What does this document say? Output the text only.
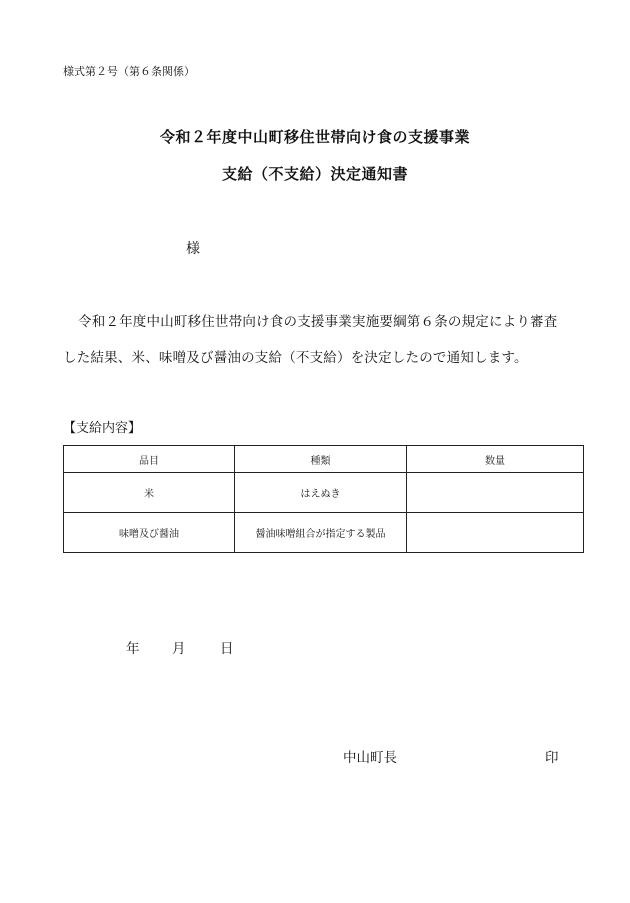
様式第２号（第６条関係）
令和２年度中山町移住世帯向け食の支援事業
支給（不支給）決定通知書
様
令和２年度中山町移住世帯向け食の支援事業実施要綱第６条の規定により審査
した結果、米、味噌及び醤油の支給（不支給）を決定したので通知します。
【支給内容】
品目	種類	数量
米	はえぬき	
味噌及び醤油	醤油味噌組合が指定する製品	
年 月	日
中山町長	印
